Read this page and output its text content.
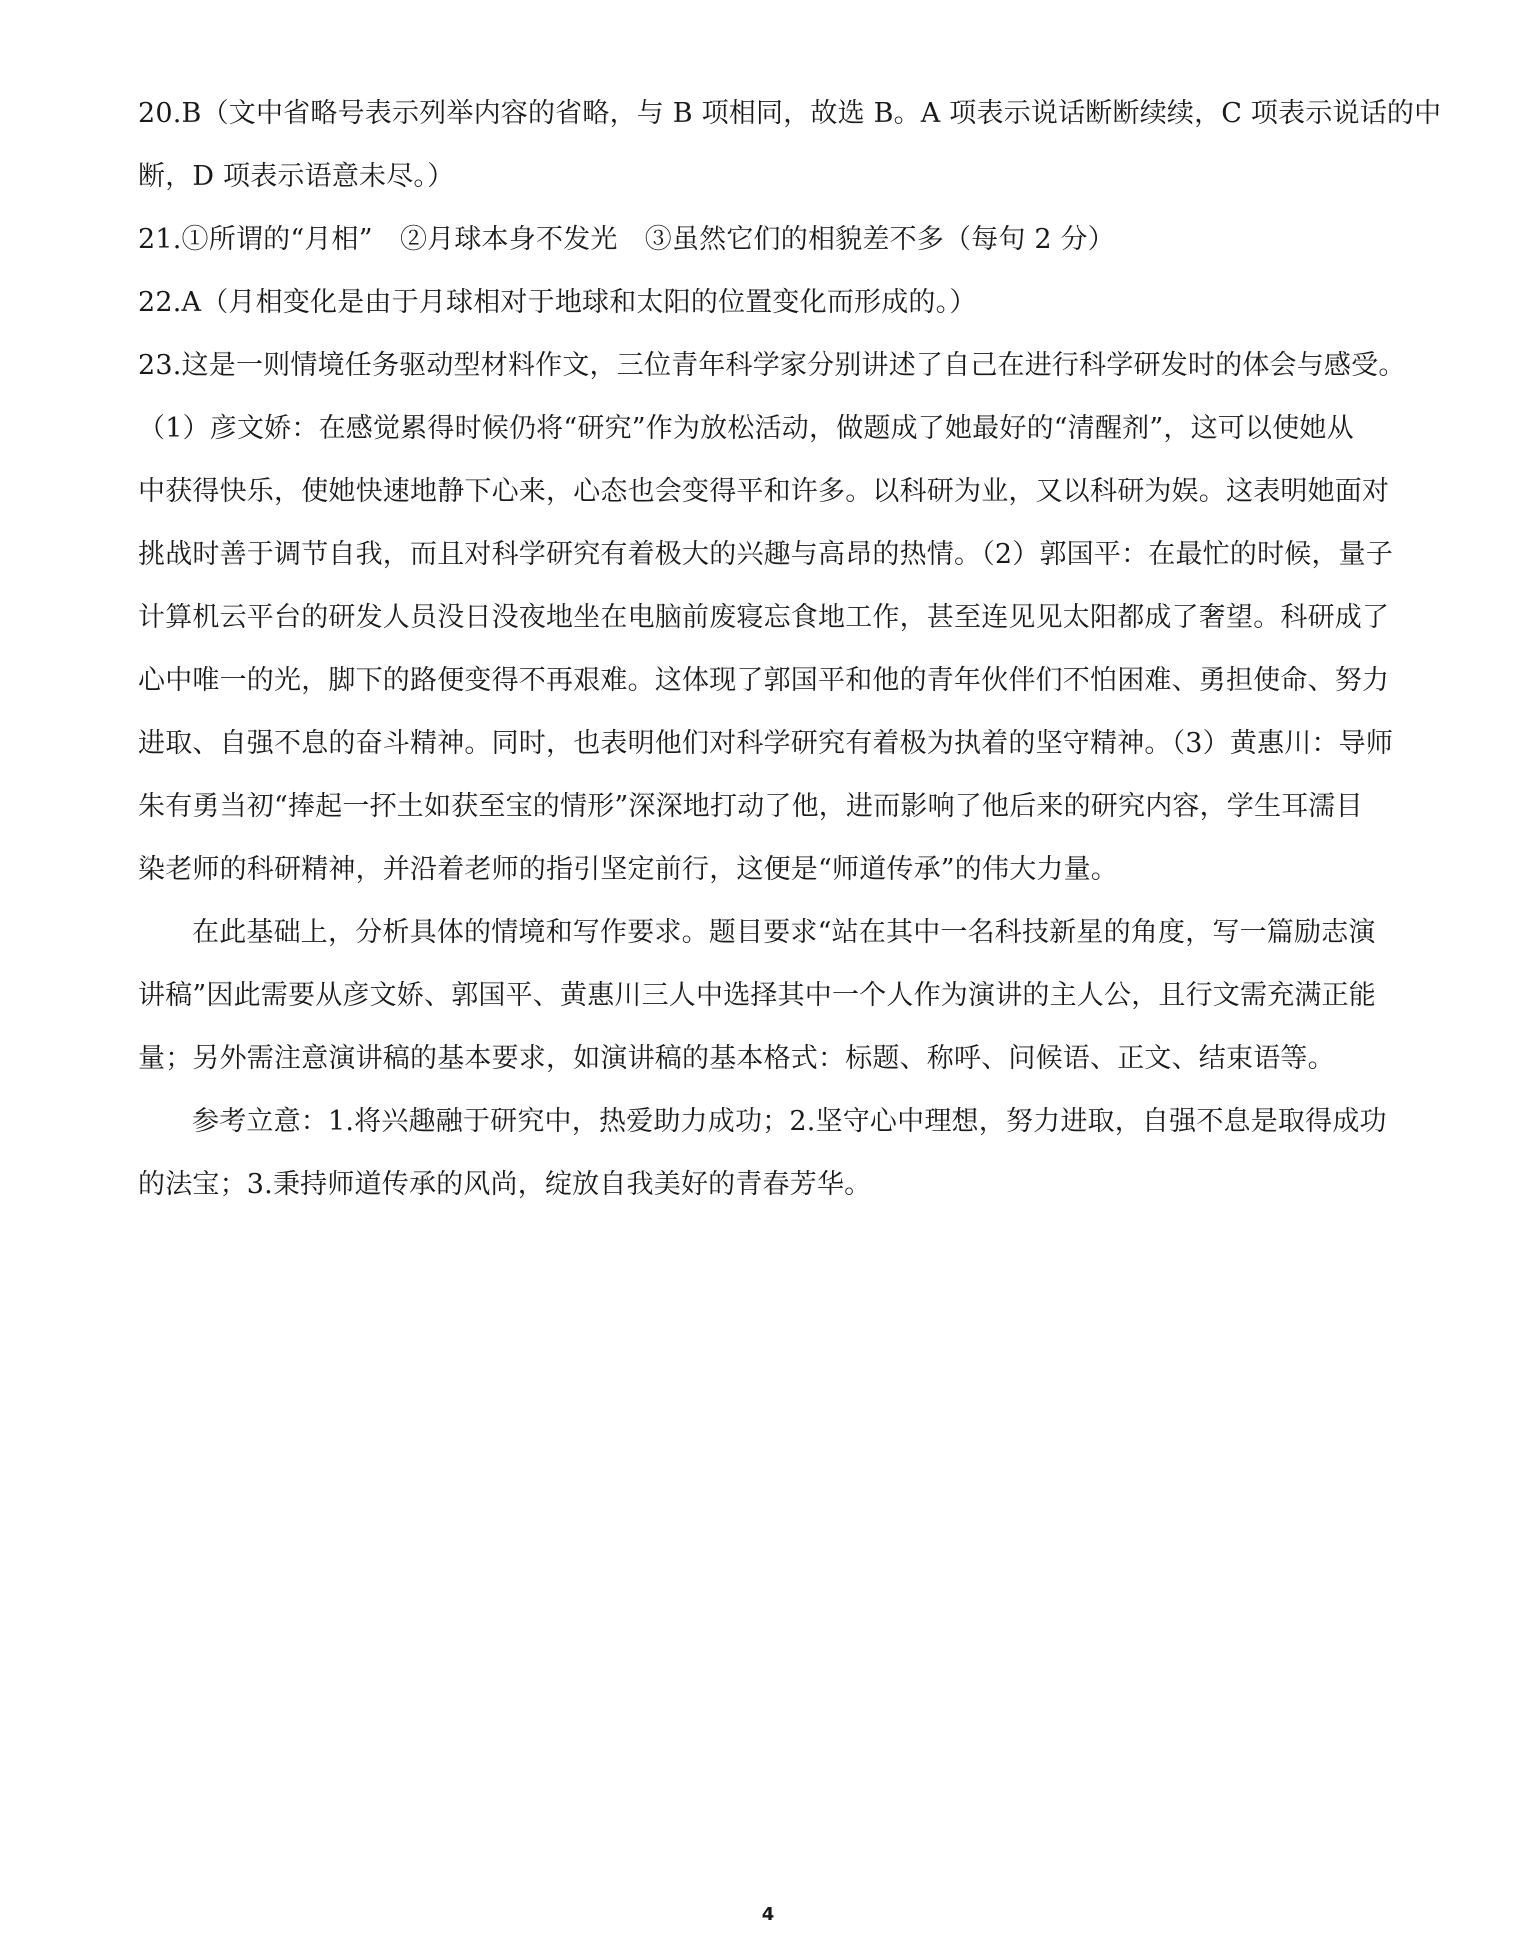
20.B（文中省略号表示列举内容的省略，与 B 项相同，故选 B。A 项表示说话断断续续，C 项表示说话的中
断，D 项表示语意未尽。）
21.①所谓的“月相”　②月球本身不发光　③虽然它们的相貌差不多（每句 2 分）
22.A（月相变化是由于月球相对于地球和太阳的位置变化而形成的。）
23.这是一则情境任务驱动型材料作文，三位青年科学家分别讲述了自己在进行科学研发时的体会与感受。
（1）彦文娇：在感觉累得时候仍将“研究”作为放松活动，做题成了她最好的“清醒剂”，这可以使她从
中获得快乐，使她快速地静下心来，心态也会变得平和许多。以科研为业，又以科研为娱。这表明她面对
挑战时善于调节自我，而且对科学研究有着极大的兴趣与高昂的热情。（2）郭国平：在最忙的时候，量子
计算机云平台的研发人员没日没夜地坐在电脑前废寝忘食地工作，甚至连见见太阳都成了奢望。科研成了
心中唯一的光，脚下的路便变得不再艰难。这体现了郭国平和他的青年伙伴们不怕困难、勇担使命、努力
进取、自强不息的奋斗精神。同时，也表明他们对科学研究有着极为执着的坚守精神。（3）黄惠川：导师
朱有勇当初“捧起一抔土如获至宝的情形”深深地打动了他，进而影响了他后来的研究内容，学生耳濡目
染老师的科研精神，并沿着老师的指引坚定前行，这便是“师道传承”的伟大力量。
在此基础上，分析具体的情境和写作要求。题目要求“站在其中一名科技新星的角度，写一篇励志演
讲稿”因此需要从彦文娇、郭国平、黄惠川三人中选择其中一个人作为演讲的主人公，且行文需充满正能
量；另外需注意演讲稿的基本要求，如演讲稿的基本格式：标题、称呼、问候语、正文、结束语等。
参考立意：1.将兴趣融于研究中，热爱助力成功；2.坚守心中理想，努力进取，自强不息是取得成功
的法宝；3.秉持师道传承的风尚，绽放自我美好的青春芳华。
4
